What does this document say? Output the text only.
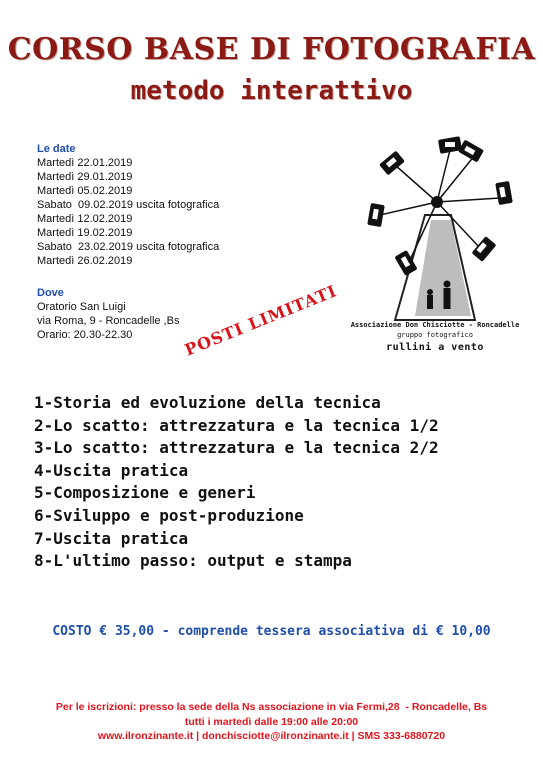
CORSO BASE DI FOTOGRAFIA
metodo interattivo
Le date
Martedì 22.01.2019
Martedì 29.01.2019
Martedì 05.02.2019
Sabato  09.02.2019 uscita fotografica
Martedì 12.02.2019
Martedì 19.02.2019
Sabato  23.02.2019 uscita fotografica
Martedì 26.02.2019
Dove
Oratorio San Luigi
via Roma, 9 - Roncadelle ,Bs
Orario: 20.30-22.30	POSTI LIMITATI	Associazione Don Chisciotte - Roncadelle
gruppo fotografico
rullini a vento
1-Storia ed evoluzione della tecnica
2-Lo scatto: attrezzatura e la tecnica 1/2
3-Lo scatto: attrezzatura e la tecnica 2/2
4-Uscita pratica
5-Composizione e generi
6-Sviluppo e post-produzione
7-Uscita pratica
8-L'ultimo passo: output e stampa
COSTO € 35,00 - comprende tessera associativa di € 10,00
Per le iscrizioni: presso la sede della Ns associazione in via Fermi,28  - Roncadelle, Bs
tutti i martedì dalle 19:00 alle 20:00
www.ilronzinante.it | donchisciotte@ilronzinante.it | SMS 333-6880720
